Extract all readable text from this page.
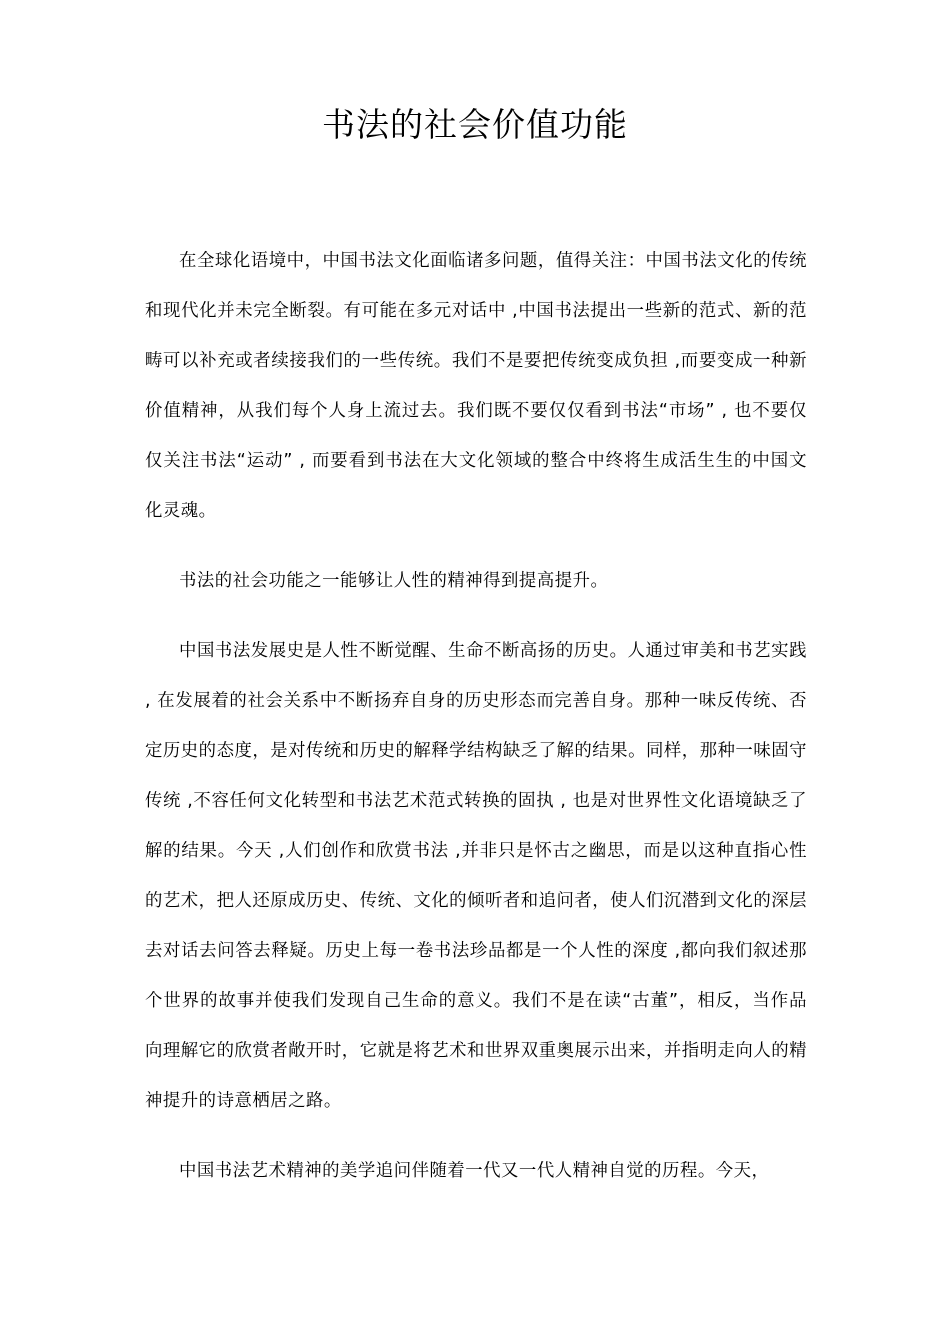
书法的社会价值功能

在全球化语境中，中国书法文化面临诸多问题，值得关注：中国书法文化的传统和现代化并未完全断裂。有可能在多元对话中 ,中国书法提出一些新的范式、新的范畴可以补充或者续接我们的一些传统。我们不是要把传统变成负担 ,而要变成一种新价值精神，从我们每个人身上流过去。我们既不要仅仅看到书法“市场” , 也不要仅仅关注书法“运动” , 而要看到书法在大文化领域的整合中终将生成活生生的中国文化灵魂。

书法的社会功能之一能够让人性的精神得到提高提升。

中国书法发展史是人性不断觉醒、生命不断高扬的历史。人通过审美和书艺实践 , 在发展着的社会关系中不断扬弃自身的历史形态而完善自身。那种一味反传统、否定历史的态度，是对传统和历史的解释学结构缺乏了解的结果。同样，那种一味固守传统 ,不容任何文化转型和书法艺术范式转换的固执 , 也是对世界性文化语境缺乏了解的结果。今天 ,人们创作和欣赏书法 ,并非只是怀古之幽思，而是以这种直指心性的艺术，把人还原成历史、传统、文化的倾听者和追问者，使人们沉潜到文化的深层去对话去问答去释疑。历史上每一卷书法珍品都是一个人性的深度 ,都向我们叙述那个世界的故事并使我们发现自己生命的意义。我们不是在读“古董”，相反，当作品向理解它的欣赏者敞开时，它就是将艺术和世界双重奥展示出来，并指明走向人的精神提升的诗意栖居之路。

中国书法艺术精神的美学追问伴随着一代又一代人精神自觉的历程。今天，
